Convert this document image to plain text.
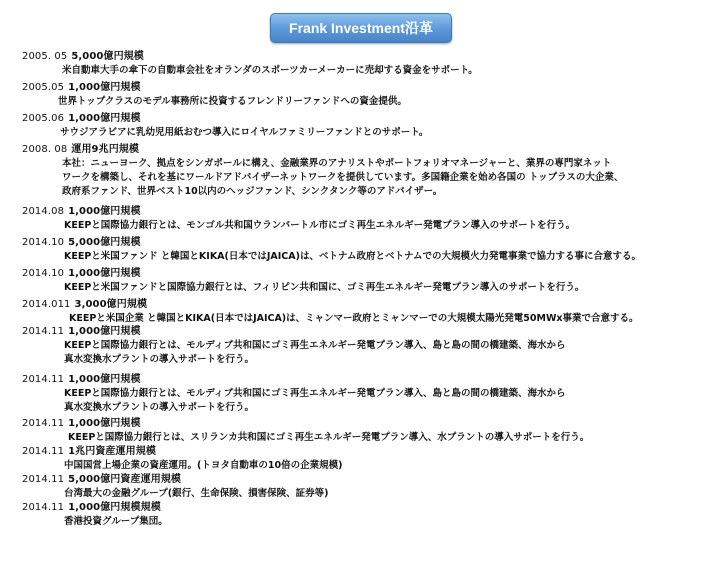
Frank Investment沿革
2005. 05 5,000億円規模
米自動車大手の傘下の自動車会社をオランダのスポーツカーメーカーに売却する資金をサポート。
2005.05 1,000億円規模
世界トップクラスのモデル事務所に投資するフレンドリーファンドへの資金提供。
2005.06 1,000億円規模
サウジアラビアに乳幼児用紙おむつ導入にロイヤルファミリーファンドとのサポート。
2008. 08 運用9兆円規模
本社：ニューヨーク、拠点をシンガポールに構え、金融業界のアナリストやポートフォリオマネージャーと、業界の専門家ネット
ワークを構築し、それを基にワールドアドバイザーネットワークを提供しています。多国籍企業を始め各国の トップラスの大企業、
政府系ファンド、世界ベスト10以内のヘッジファンド、シンクタンク等のアドバイザー。
2014.08 1,000億円規模
KEEPと国際協力銀行とは、モンゴル共和国ウランバートル市にゴミ再生エネルギー発電プラン導入のサポートを行う。
2014.10 5,000億円規模
KEEPと米国ファンド と韓国とKIKA(日本ではJAICA)は、ベトナム政府とベトナムでの大規模火力発電事業で協力する事に合意する。
2014.10 1,000億円規模
KEEPと米国ファンドと国際協力銀行とは、フィリピン共和国に、ゴミ再生エネルギー発電プラン導入のサポートを行う。
2014.011 3,000億円規模
KEEPと米国企業 と韓国とKIKA(日本ではJAICA)は、ミャンマー政府とミャンマーでの大規模太陽光発電50MWx事業で合意する。
2014.11 1,000億円規模
KEEPと国際協力銀行とは、モルディブ共和国にゴミ再生エネルギー発電プラン導入、島と島の間の橋建築、海水から
真水変換水プラントの導入サポートを行う。
2014.11 1,000億円規模
KEEPと国際協力銀行とは、モルディブ共和国にゴミ再生エネルギー発電プラン導入、島と島の間の橋建築、海水から
真水変換水プラントの導入サポートを行う。
2014.11 1,000億円規模
KEEPと国際協力銀行とは、スリランカ共和国にゴミ再生エネルギー発電プラン導入、水プラントの導入サポートを行う。
2014.11 1兆円資産運用規模
中国国営上場企業の資産運用。(トヨタ自動車の10倍の企業規模)
2014.11 5,000億円資産運用規模
台湾最大の金融グループ(銀行、生命保険、損害保険、証券等)
2014.11 1,000億円規模規模
香港投資グループ集団。
